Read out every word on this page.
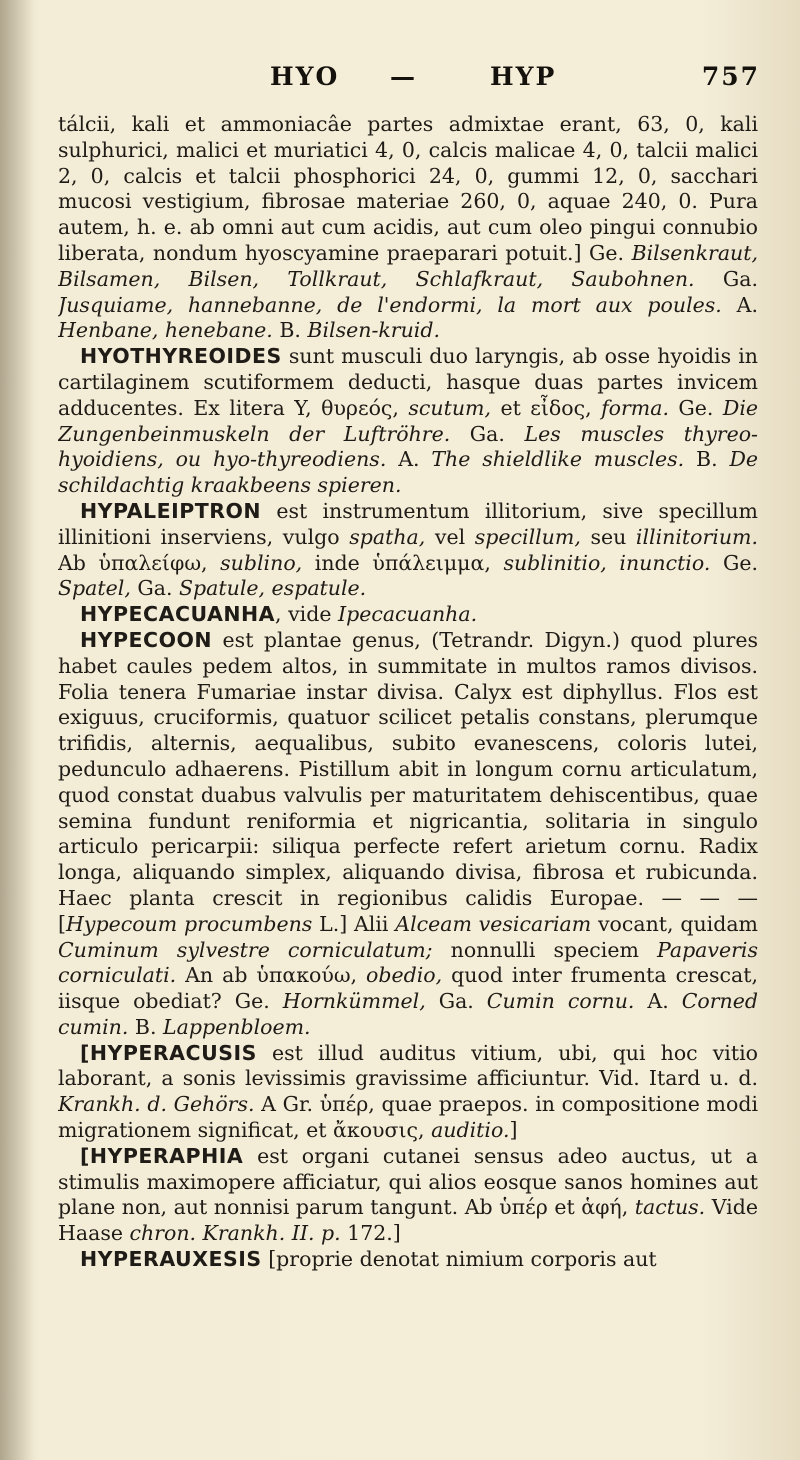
HYO —	HYP	757

tálcii, kali et ammoniacâe partes admixtae erant, 63, 0, kali sulphurici, malici et muriatici 4, 0, calcis malicae 4, 0, talcii malici 2, 0, calcis et talcii phosphorici 24, 0, gummi 12, 0, sacchari mucosi vestigium, fibrosae materiae 260, 0, aquae 240, 0. Pura autem, h. e. ab omni aut cum acidis, aut cum oleo pingui connubio liberata, nondum hyoscyamine praeparari potuit.] Ge. Bilsenkraut, Bilsamen, Bilsen, Tollkraut, Schlafkraut, Saubohnen. Ga. Jusquiame, hannebanne, de l'endormi, la mort aux poules. A. Henbane, henebane. B. Bilsen-kruid.

HYOTHYREOIDES sunt musculi duo laryngis, ab osse hyoidis in cartilaginem scutiformem deducti, hasque duas partes invicem adducentes. Ex litera Y, θυρεός, scutum, et εἶδος, forma. Ge. Die Zungenbeinmuskeln der Luftröhre. Ga. Les muscles thyreo-hyoidiens, ou hyo-thyreodiens. A. The shieldlike muscles. B. De schildachtig kraakbeens spieren.

HYPALEIPTRON est instrumentum illitorium, sive specillum illinitioni inserviens, vulgo spatha, vel specillum, seu illinitorium. Ab ὑπαλείφω, sublino, inde ὑπάλειμμα, sublinitio, inunctio. Ge. Spatel, Ga. Spatule, espatule.

HYPECACUANHA, vide Ipecacuanha.

HYPECOON est plantae genus, (Tetrandr. Digyn.) quod plures habet caules pedem altos, in summitate in multos ramos divisos. Folia tenera Fumariae instar divisa. Calyx est diphyllus. Flos est exiguus, cruciformis, quatuor scilicet petalis constans, plerumque trifidis, alternis, aequalibus, subito evanescens, coloris lutei, pedunculo adhaerens. Pistillum abit in longum cornu articulatum, quod constat duabus valvulis per maturitatem dehiscentibus, quae semina fundunt reniformia et nigricantia, solitaria in singulo articulo pericarpii: siliqua perfecte refert arietum cornu. Radix longa, aliquando simplex, aliquando divisa, fibrosa et rubicunda. Haec planta crescit in regionibus calidis Europae. — — — [Hypecoum procumbens L.] Alii Alceam vesicariam vocant, quidam Cuminum sylvestre corniculatum; nonnulli speciem Papaveris corniculati. An ab ὑπακούω, obedio, quod inter frumenta crescat, iisque obediat? Ge. Hornkümmel, Ga. Cumin cornu. A. Corned cumin. B. Lappenbloem.

[HYPERACUSIS est illud auditus vitium, ubi, qui hoc vitio laborant, a sonis levissimis gravissime afficiuntur. Vid. Itard u. d. Krankh. d. Gehörs. A Gr. ὑπέρ, quae praepos. in compositione modi migrationem significat, et ἄκουσις, auditio.]

[HYPERAPHIA est organi cutanei sensus adeo auctus, ut a stimulis maximopere afficiatur, qui alios eosque sanos homines aut plane non, aut nonnisi parum tangunt. Ab ὑπέρ et ἁφή, tactus. Vide Haase chron. Krankh. II. p. 172.]

HYPERAUXESIS [proprie denotat nimium corporis aut
